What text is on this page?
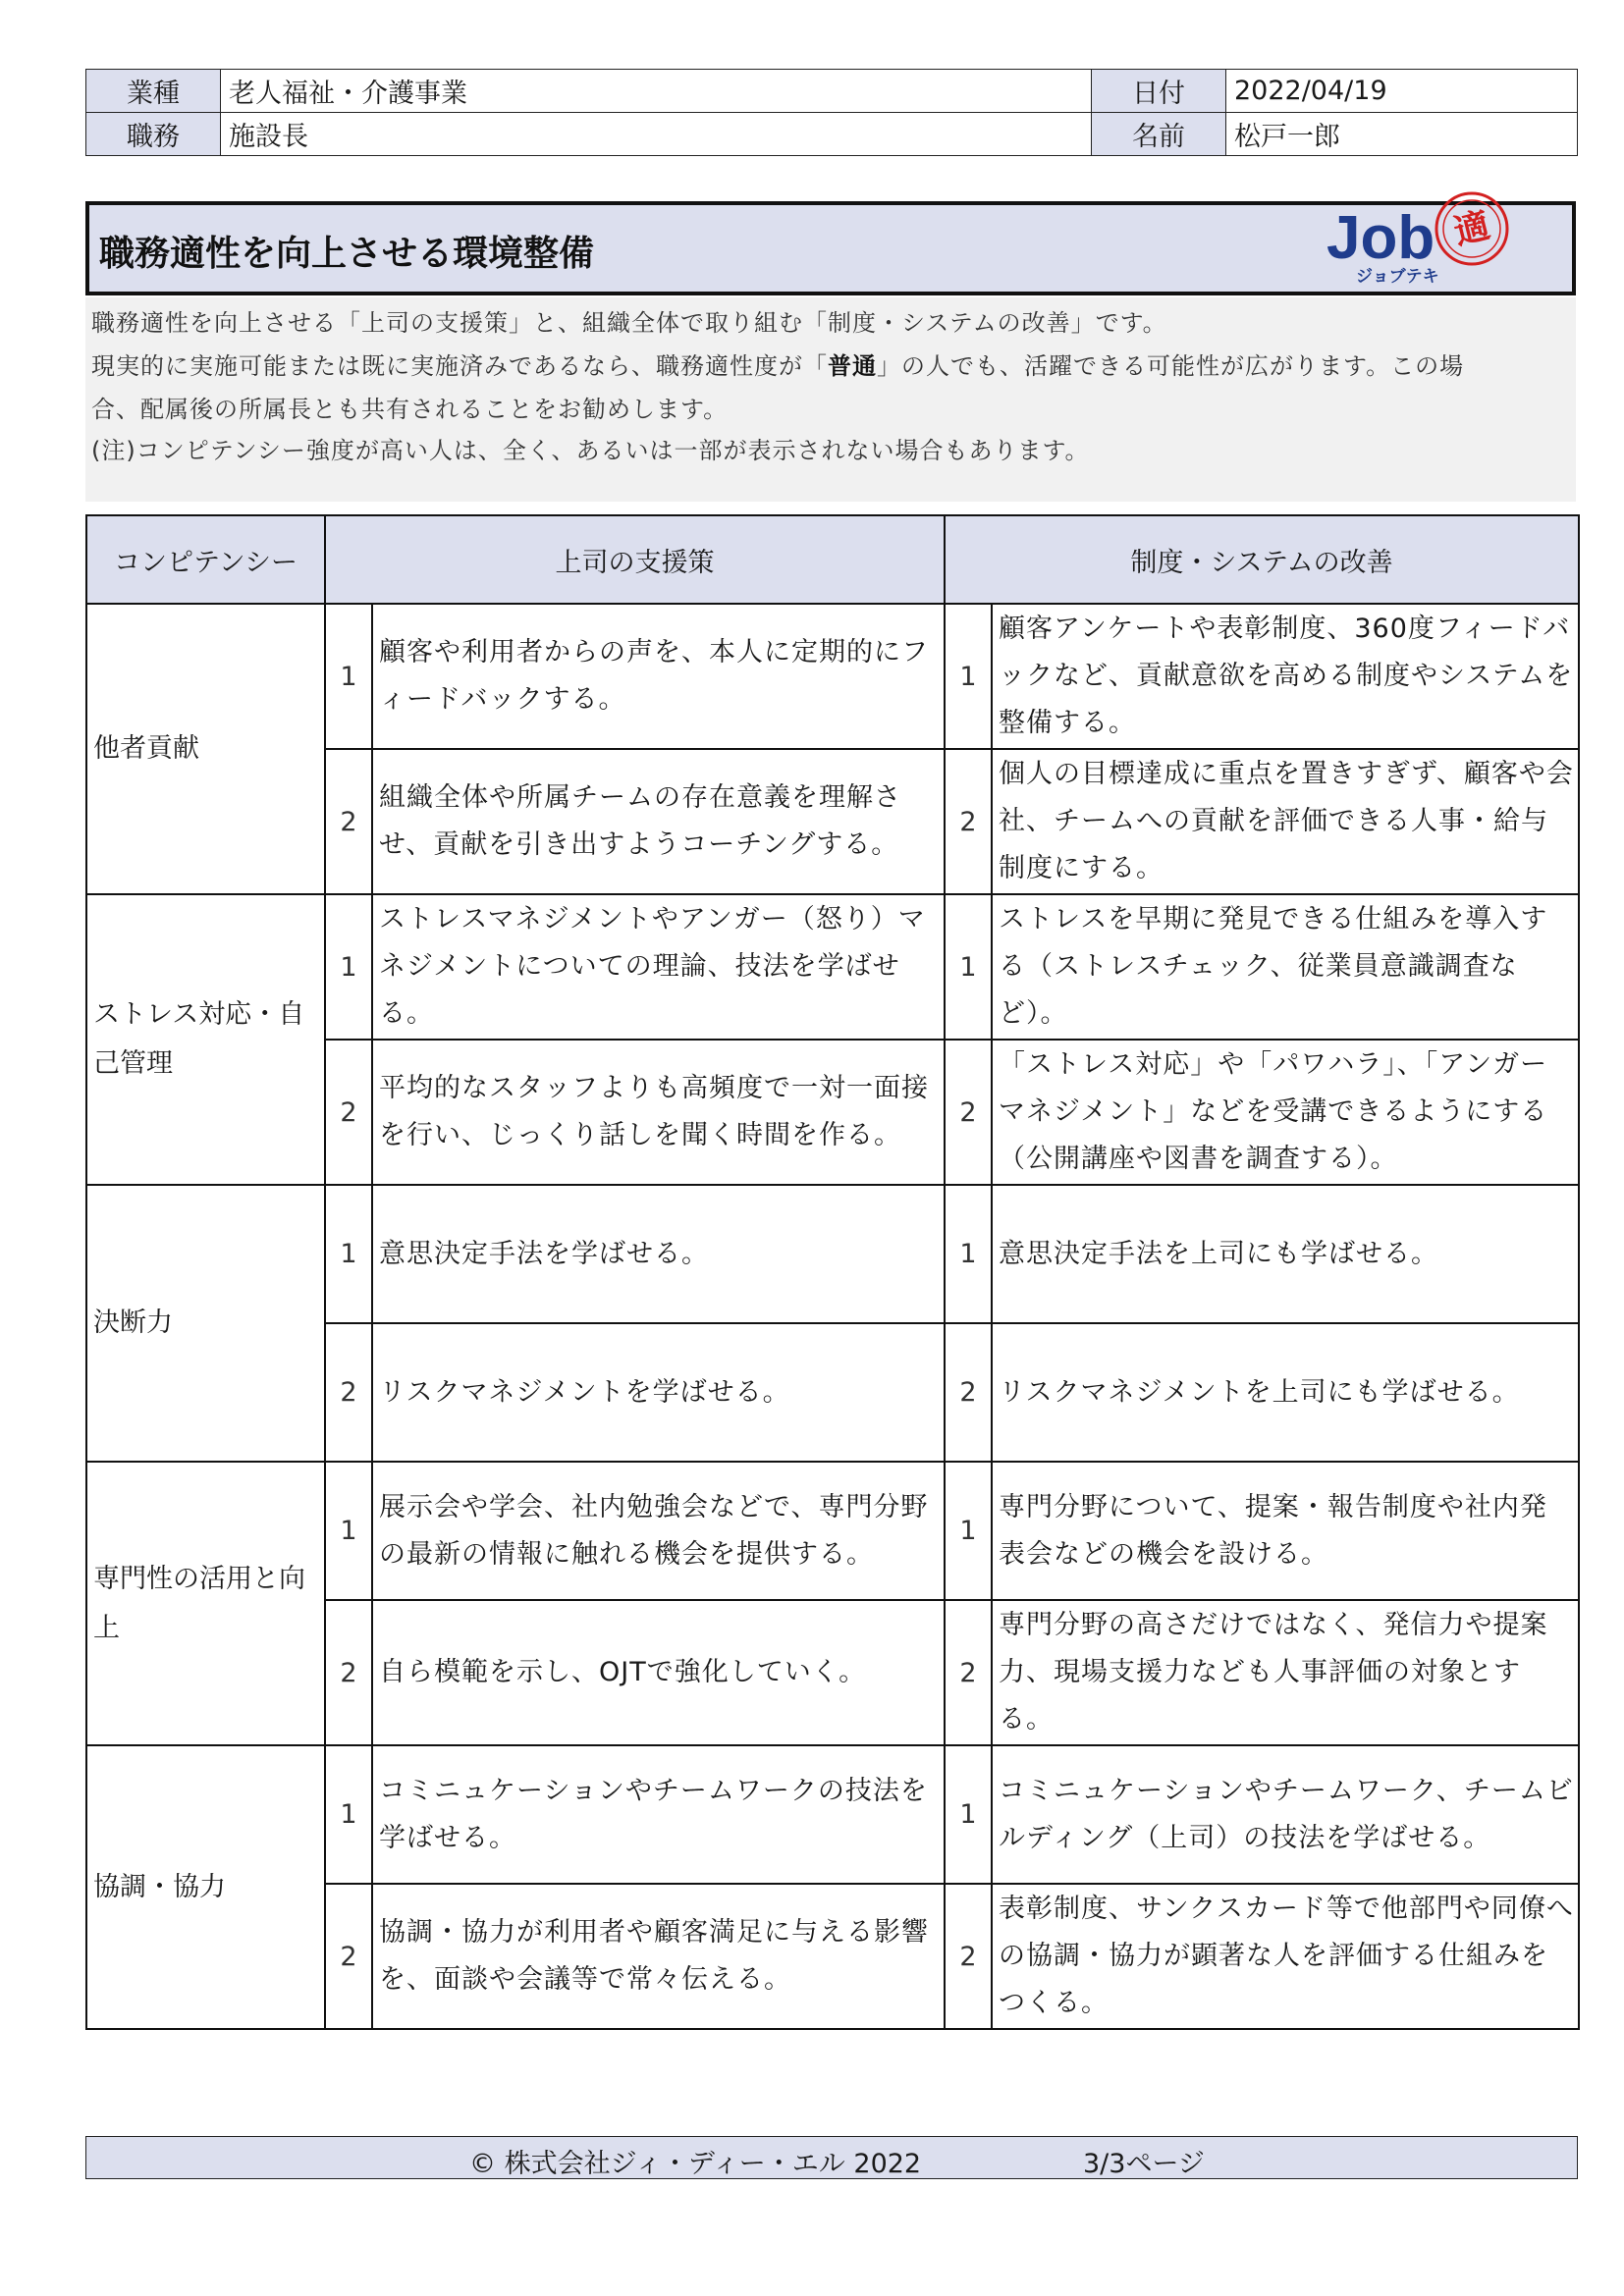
業種	老人福祉・介護事業	日付	2022/04/19
職務	施設長	名前	松戸一郎
職務適性を向上させる環境整備	Job 適
ジョブテキ

職務適性を向上させる「上司の支援策」と、組織全体で取り組む「制度・システムの改善」です。

現実的に実施可能または既に実施済みであるなら、職務適性度が「普通」の人でも、活躍できる可能性が広がります。この場

合、配属後の所属長とも共有されることをお勧めします。

(注)コンピテンシー強度が高い人は、全く、あるいは一部が表示されない場合もあります。

コンピテンシー	上司の支援策		制度・システムの改善	
他者貢献	1	顧客や利用者からの声を、本人に定期的にフィードバックする。	1	顧客アンケートや表彰制度、360度フィードバックなど、貢献意欲を高める制度やシステムを整備する。
	2	組織全体や所属チームの存在意義を理解させ、貢献を引き出すようコーチングする。	2	個人の目標達成に重点を置きすぎず、顧客や会社、チームへの貢献を評価できる人事・給与制度にする。
ストレス対応・自己管理	1	ストレスマネジメントやアンガー（怒り）マネジメントについての理論、技法を学ばせる。	1	ストレスを早期に発見できる仕組みを導入する（ストレスチェック、従業員意識調査など）。
	2	平均的なスタッフよりも高頻度で一対一面接を行い、じっくり話しを聞く時間を作る。	2	「ストレス対応」や「パワハラ」、「アンガーマネジメント」などを受講できるようにする（公開講座や図書を調査する）。
決断力	1	意思決定手法を学ばせる。	1	意思決定手法を上司にも学ばせる。
	2	リスクマネジメントを学ばせる。	2	リスクマネジメントを上司にも学ばせる。
専門性の活用と向上	1	展示会や学会、社内勉強会などで、専門分野の最新の情報に触れる機会を提供する。	1	専門分野について、提案・報告制度や社内発表会などの機会を設ける。
	2	自ら模範を示し、OJTで強化していく。	2	専門分野の高さだけではなく、発信力や提案力、現場支援力なども人事評価の対象とする。
協調・協力	1	コミニュケーションやチームワークの技法を学ばせる。	1	コミニュケーションやチームワーク、チームビルディング（上司）の技法を学ばせる。
	2	協調・協力が利用者や顧客満足に与える影響を、面談や会議等で常々伝える。	2	表彰制度、サンクスカード等で他部門や同僚への協調・協力が顕著な人を評価する仕組みをつくる。
© 株式会社ジィ・ディー・エル 2022	3/3ページ
